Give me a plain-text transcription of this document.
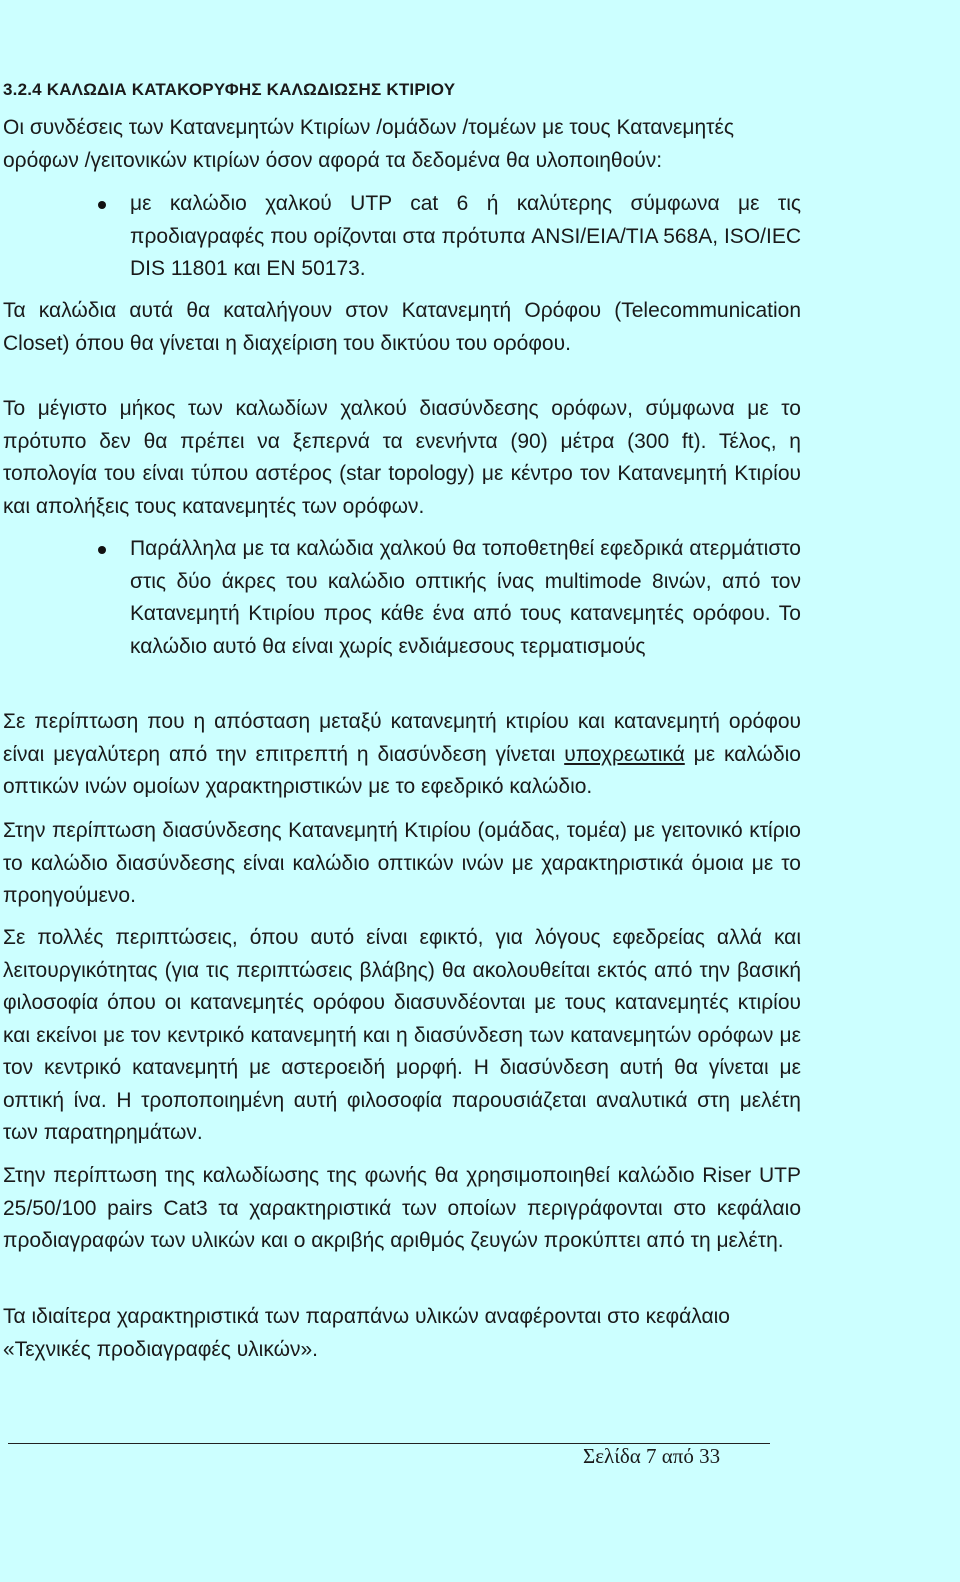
3.2.4 ΚΑΛΩΔΙΑ ΚΑΤΑΚΟΡΥΦΗΣ ΚΑΛΩΔΙΩΣΗΣ ΚΤΙΡΙΟΥ

Οι συνδέσεις των Κατανεμητών Κτιρίων /ομάδων /τομέων με τους Κατανεμητές ορόφων /γειτονικών κτιρίων όσον αφορά τα δεδομένα θα υλοποιηθούν:

με καλώδιο χαλκού UTP cat 6 ή καλύτερης σύμφωνα με τις προδιαγραφές που ορίζονται στα πρότυπα ANSI/EIA/TIA 568A, ISO/IEC DIS 11801 και EN 50173.

Τα καλώδια αυτά θα καταλήγουν στον Κατανεμητή Ορόφου (Telecommunication Closet) όπου θα γίνεται η διαχείριση του δικτύου του ορόφου.

Το μέγιστο μήκος των καλωδίων χαλκού διασύνδεσης ορόφων, σύμφωνα με το πρότυπο δεν θα πρέπει να ξεπερνά τα ενενήντα (90) μέτρα (300 ft). Τέλος, η τοπολογία του είναι τύπου αστέρος (star topology) με κέντρο τον Κατανεμητή Κτιρίου και απολήξεις τους κατανεμητές των ορόφων.

Παράλληλα με τα καλώδια χαλκού θα τοποθετηθεί εφεδρικά ατερμάτιστο στις δύο άκρες του καλώδιο οπτικής ίνας multimode 8ινών, από τον Κατανεμητή Κτιρίου προς κάθε ένα από τους κατανεμητές ορόφου. Το καλώδιο αυτό θα είναι χωρίς ενδιάμεσους τερματισμούς

Σε περίπτωση που η απόσταση μεταξύ κατανεμητή κτιρίου και κατανεμητή ορόφου είναι μεγαλύτερη από την επιτρεπτή η διασύνδεση γίνεται υποχρεωτικά με καλώδιο οπτικών ινών ομοίων χαρακτηριστικών με το εφεδρικό καλώδιο.

Στην περίπτωση διασύνδεσης Κατανεμητή Κτιρίου (ομάδας, τομέα) με γειτονικό κτίριο το καλώδιο διασύνδεσης είναι καλώδιο οπτικών ινών με χαρακτηριστικά όμοια με το προηγούμενο.

Σε πολλές περιπτώσεις, όπου αυτό είναι εφικτό, για λόγους εφεδρείας αλλά και λειτουργικότητας (για τις περιπτώσεις βλάβης) θα ακολουθείται εκτός από την βασική φιλοσοφία όπου οι κατανεμητές ορόφου διασυνδέονται με τους κατανεμητές κτιρίου και εκείνοι με τον κεντρικό κατανεμητή και η διασύνδεση των κατανεμητών ορόφων με τον κεντρικό κατανεμητή με αστεροειδή μορφή. Η διασύνδεση αυτή θα γίνεται με οπτική ίνα. Η τροποποιημένη αυτή φιλοσοφία παρουσιάζεται αναλυτικά στη μελέτη των παρατηρημάτων.

Στην περίπτωση της καλωδίωσης της φωνής θα χρησιμοποιηθεί καλώδιο Riser UTP 25/50/100 pairs Cat3 τα χαρακτηριστικά των οποίων περιγράφονται στο κεφάλαιο προδιαγραφών των υλικών και ο ακριβής αριθμός ζευγών προκύπτει από τη μελέτη.

Τα ιδιαίτερα χαρακτηριστικά των παραπάνω υλικών αναφέρονται στο κεφάλαιο «Τεχνικές προδιαγραφές υλικών».

Σελίδα 7 από 33
